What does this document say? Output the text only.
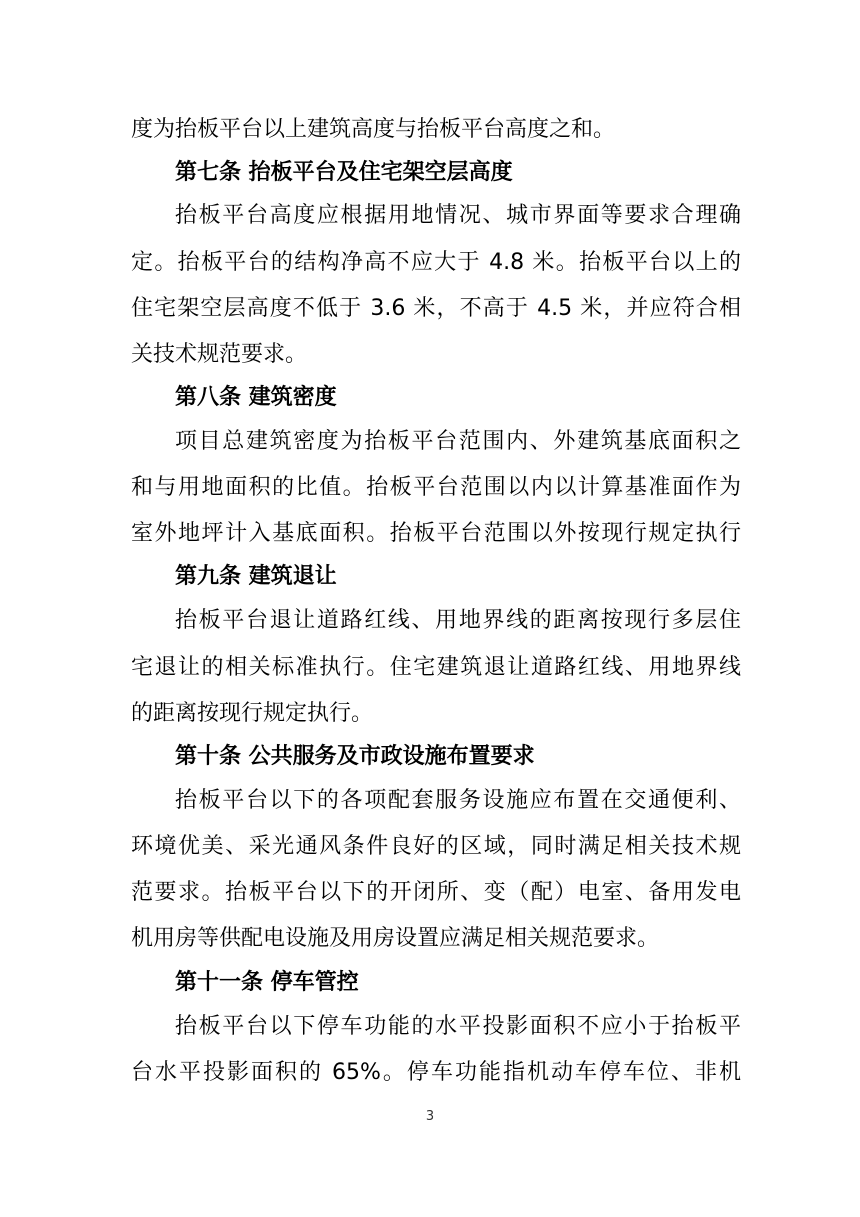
度为抬板平台以上建筑高度与抬板平台高度之和。
第七条 抬板平台及住宅架空层高度
抬板平台高度应根据用地情况、城市界面等要求合理确
定。抬板平台的结构净高不应大于 4.8 米。抬板平台以上的
住宅架空层高度不低于 3.6 米，不高于 4.5 米，并应符合相
关技术规范要求。
第八条 建筑密度
项目总建筑密度为抬板平台范围内、外建筑基底面积之
和与用地面积的比值。抬板平台范围以内以计算基准面作为
室外地坪计入基底面积。抬板平台范围以外按现行规定执行
第九条 建筑退让
抬板平台退让道路红线、用地界线的距离按现行多层住
宅退让的相关标准执行。住宅建筑退让道路红线、用地界线
的距离按现行规定执行。
第十条 公共服务及市政设施布置要求
抬板平台以下的各项配套服务设施应布置在交通便利、
环境优美、采光通风条件良好的区域，同时满足相关技术规
范要求。抬板平台以下的开闭所、变（配）电室、备用发电
机用房等供配电设施及用房设置应满足相关规范要求。
第十一条 停车管控
抬板平台以下停车功能的水平投影面积不应小于抬板平
台水平投影面积的 65%。停车功能指机动车停车位、非机
3
